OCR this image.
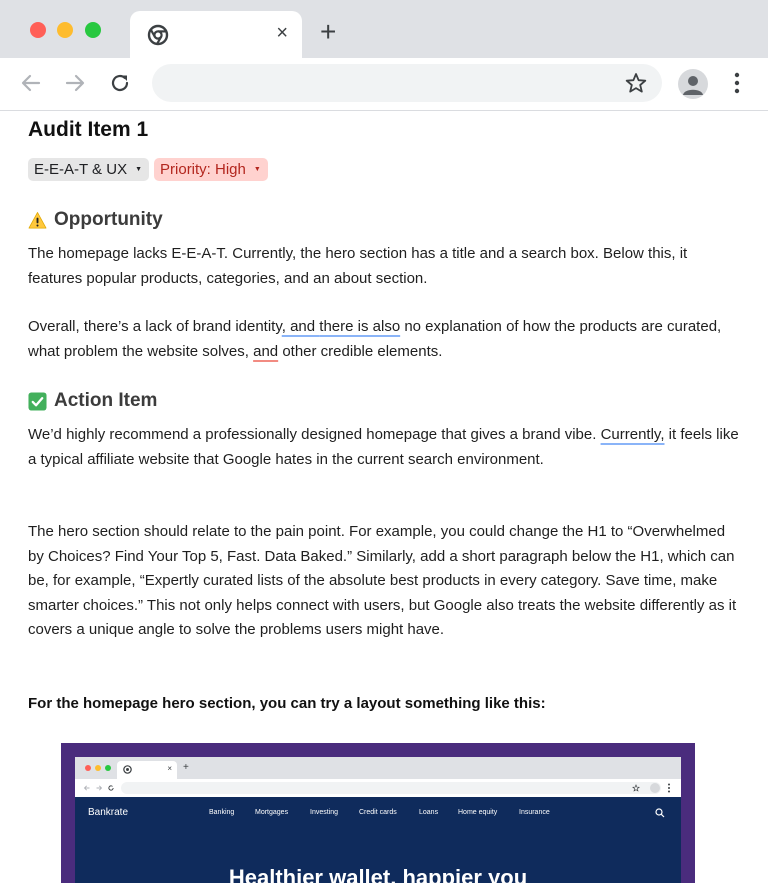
× +
Audit Item 1
E-E-A-T & UX ▼ Priority: High ▼
Opportunity
The homepage lacks E-E-A-T. Currently, the hero section has a title and a search box. Below this, it features popular products, categories, and an about section.
Overall, there’s a lack of brand identity, and there is also no explanation of how the products are curated, what problem the website solves, and other credible elements.
Action Item
We’d highly recommend a professionally designed homepage that gives a brand vibe. Currently, it feels like a typical affiliate website that Google hates in the current search environment.
The hero section should relate to the pain point. For example, you could change the H1 to “Overwhelmed by Choices? Find Your Top 5, Fast. Data Baked.” Similarly, add a short paragraph below the H1, which can be, for example, “Expertly curated lists of the absolute best products in every category. Save time, make smarter choices.” This not only helps connect with users, but Google also treats the website differently as it covers a unique angle to solve the problems users might have.
For the homepage hero section, you can try a layout something like this:
× +
Bankrate	Banking	Mortgages	Investing	Credit cards	Loans	Home equity	Insurance
Healthier wallet, happier you
